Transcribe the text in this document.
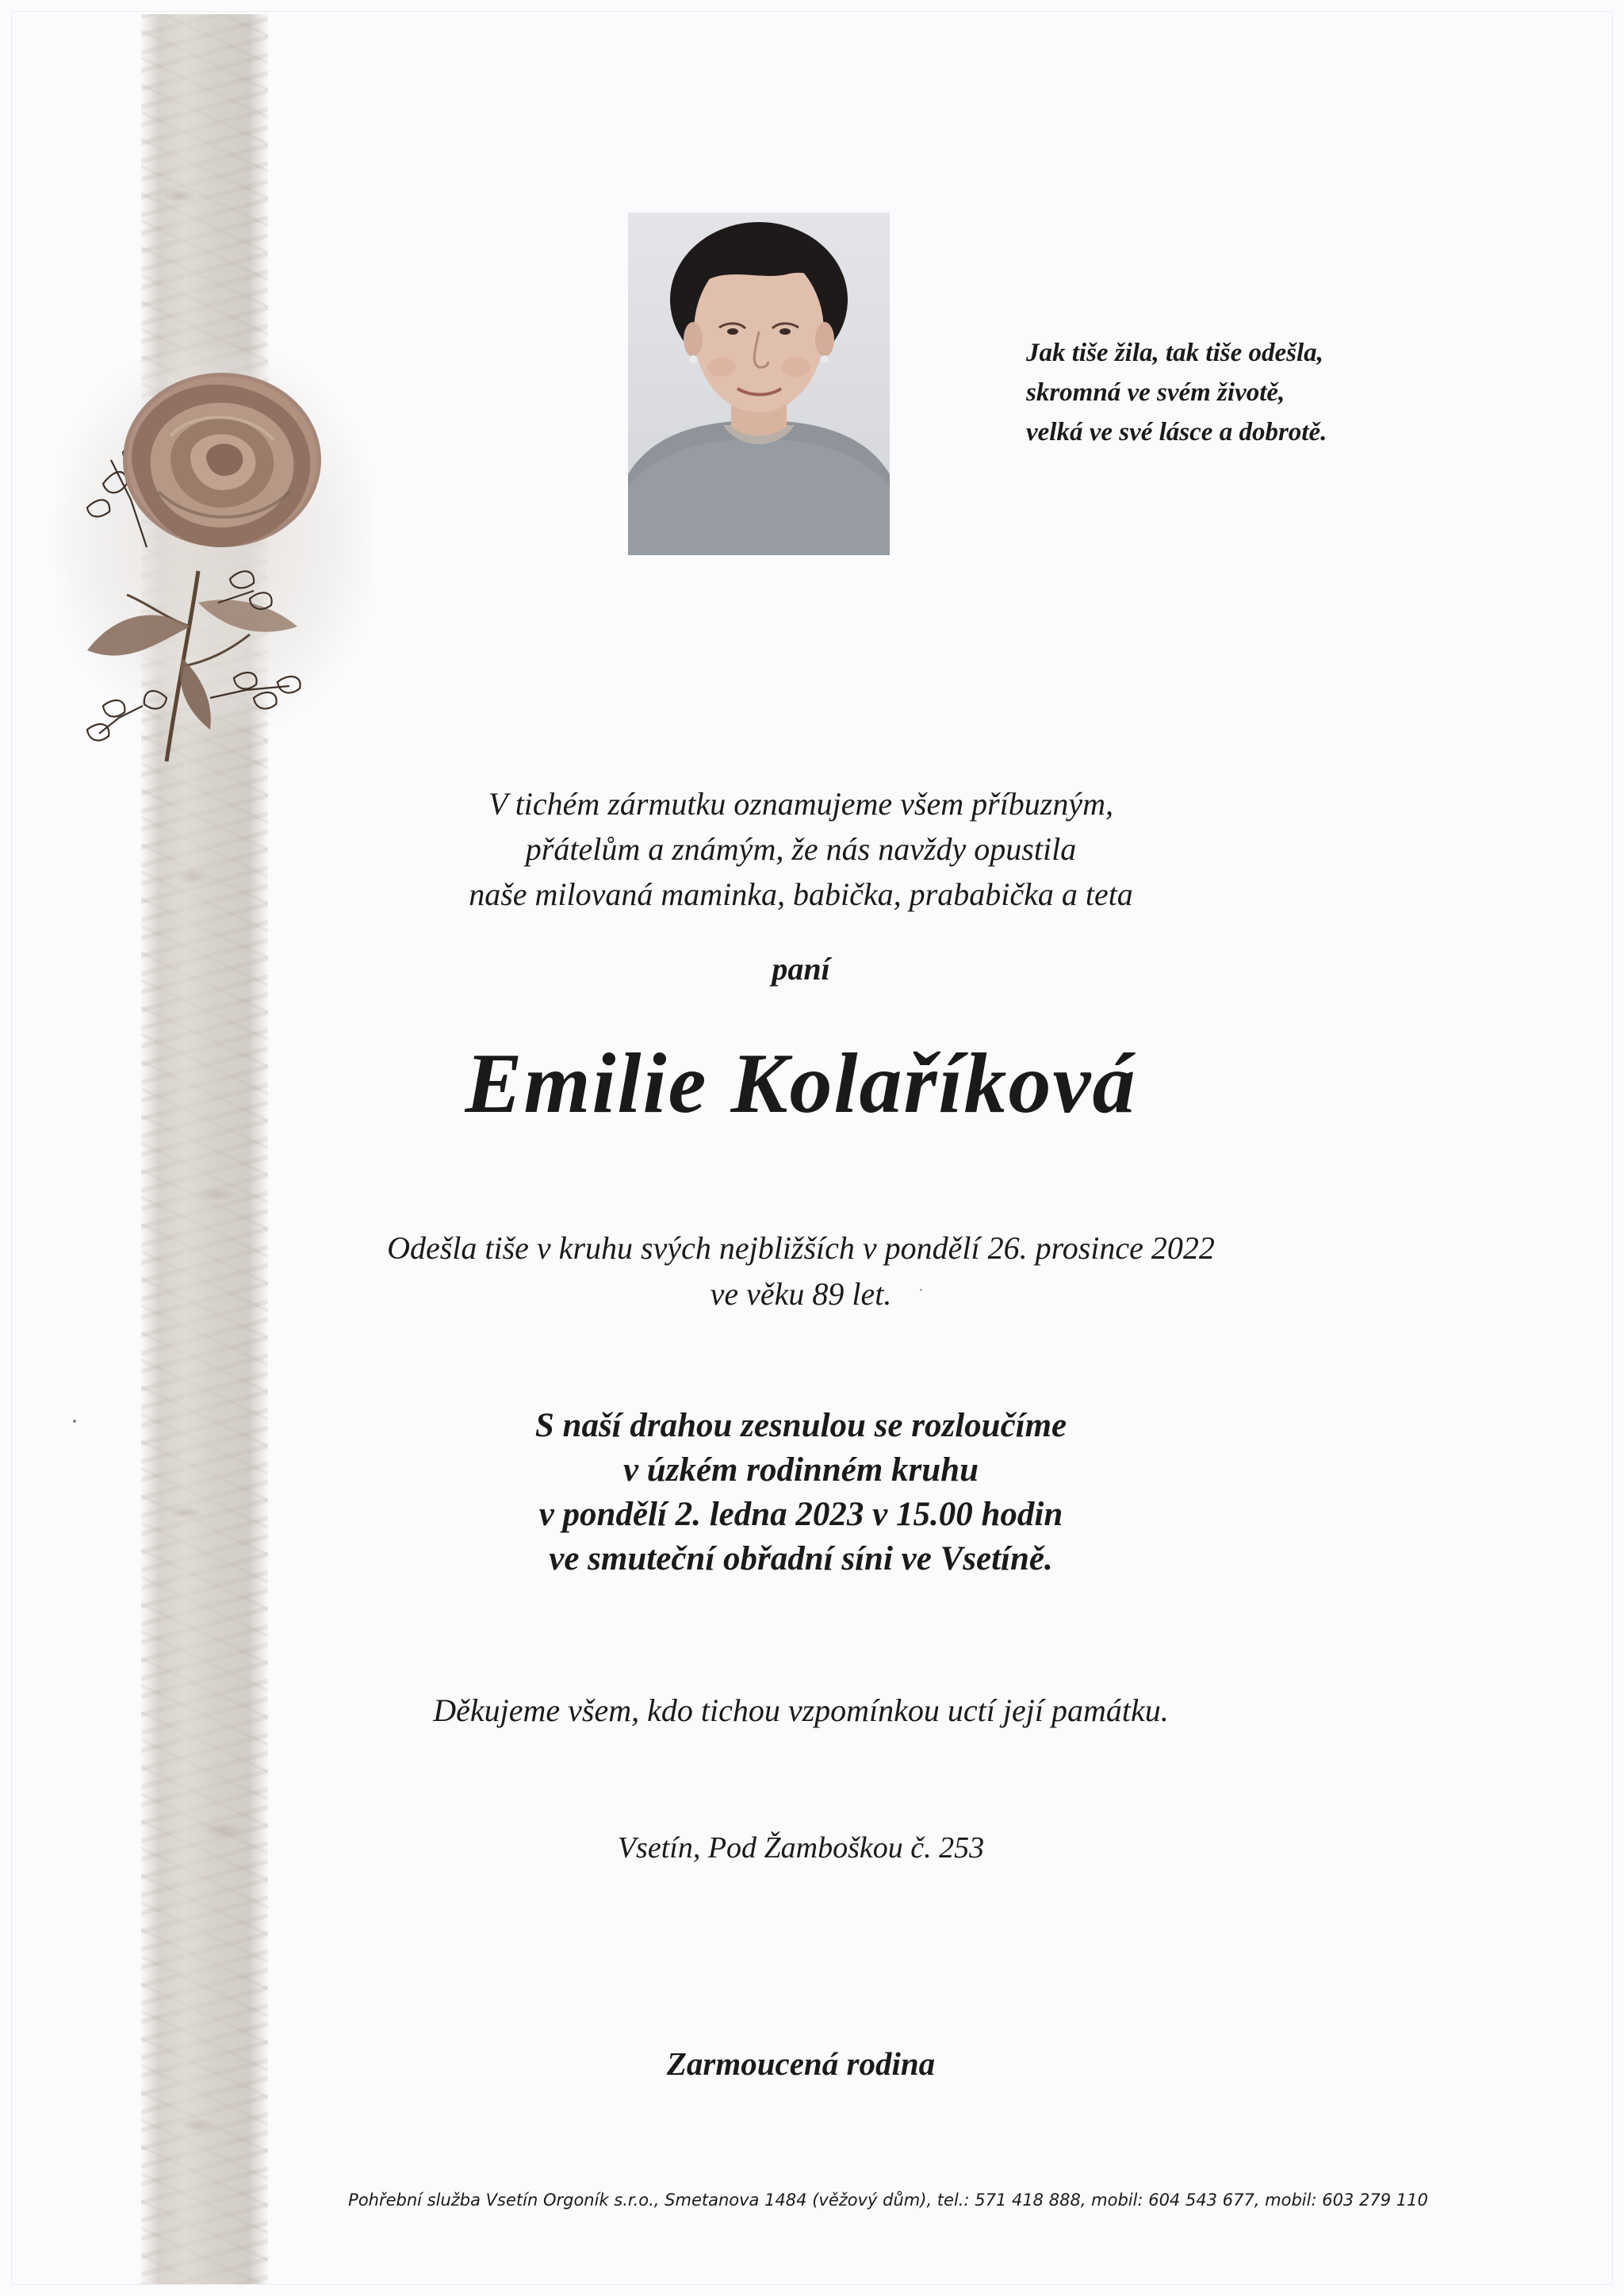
Jak tiše žila, tak tiše odešla,
skromná ve svém životě,
velká ve své lásce a dobrotě.
V tichém zármutku oznamujeme všem příbuzným,
přátelům a známým, že nás navždy opustila
naše milovaná maminka, babička, prababička a teta
paní
Emilie Kolaříková
Odešla tiše v kruhu svých nejbližších v pondělí 26. prosince 2022
ve věku 89 let.
S naší drahou zesnulou se rozloučíme
v úzkém rodinném kruhu
v pondělí 2. ledna 2023 v 15.00 hodin
ve smuteční obřadní síni ve Vsetíně.
Děkujeme všem, kdo tichou vzpomínkou uctí její památku.
Vsetín, Pod Žamboškou č. 253
Zarmoucená rodina
Pohřební služba Vsetín Orgoník s.r.o., Smetanova 1484 (věžový dům), tel.: 571 418 888, mobil: 604 543 677, mobil: 603 279 110
